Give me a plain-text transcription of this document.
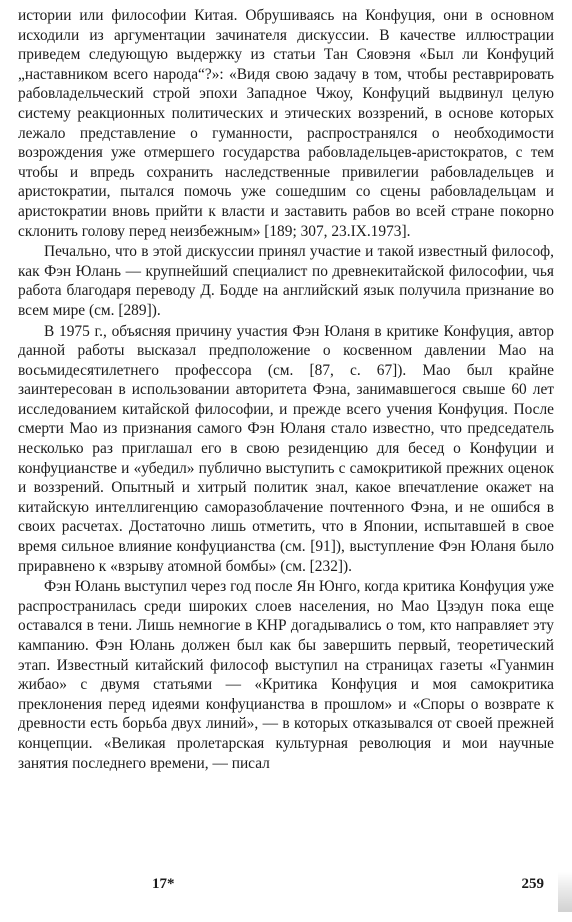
истории или философии Китая. Обрушиваясь на Конфуция, они в основном исходили из аргументации зачинателя дискуссии. В качестве иллюстрации приведем следующую выдержку из статьи Тан Сяовэня «Был ли Конфуций „наставником всего народа“?»: «Видя свою задачу в том, чтобы реставрировать рабовладельческий строй эпохи Западное Чжоу, Конфуций выдвинул целую систему реакционных политических и этических воззрений, в основе которых лежало представление о гуманности, распространялся о необходимости возрождения уже отмершего государства рабовладельцев-аристократов, с тем чтобы и впредь сохранить наследственные привилегии рабовладельцев и аристократии, пытался помочь уже сошедшим со сцены рабовладельцам и аристократии вновь прийти к власти и заставить рабов во всей стране покорно склонить голову перед неизбежным» [189; 307, 23.IX.1973].

Печально, что в этой дискуссии принял участие и такой известный философ, как Фэн Юлань — крупнейший специалист по древнекитайской философии, чья работа благодаря переводу Д. Бодде на английский язык получила признание во всем мире (см. [289]).

В 1975 г., объясняя причину участия Фэн Юланя в критике Конфуция, автор данной работы высказал предположение о косвенном давлении Мао на восьмидесятилетнего профессора (см. [87, с. 67]). Мао был крайне заинтересован в использовании авторитета Фэна, занимавшегося свыше 60 лет исследованием китайской философии, и прежде всего учения Конфуция. После смерти Мао из признания самого Фэн Юланя стало известно, что председатель несколько раз приглашал его в свою резиденцию для бесед о Конфуции и конфуцианстве и «убедил» публично выступить с самокритикой прежних оценок и воззрений. Опытный и хитрый политик знал, какое впечатление окажет на китайскую интеллигенцию саморазоблачение почтенного Фэна, и не ошибся в своих расчетах. Достаточно лишь отметить, что в Японии, испытавшей в свое время сильное влияние конфуцианства (см. [91]), выступление Фэн Юланя было приравнено к «взрыву атомной бомбы» (см. [232]).

Фэн Юлань выступил через год после Ян Юнго, когда критика Конфуция уже распространилась среди широких слоев населения, но Мао Цзэдун пока еще оставался в тени. Лишь немногие в КНР догадывались о том, кто направляет эту кампанию. Фэн Юлань должен был как бы завершить первый, теоретический этап. Известный китайский философ выступил на страницах газеты «Гуанмин жибао» с двумя статьями — «Критика Конфуция и моя самокритика преклонения перед идеями конфуцианства в прошлом» и «Споры о возврате к древности есть борьба двух линий», — в которых отказывался от своей прежней концепции. «Великая пролетарская культурная революция и мои научные занятия последнего времени, — писал

17*	259
